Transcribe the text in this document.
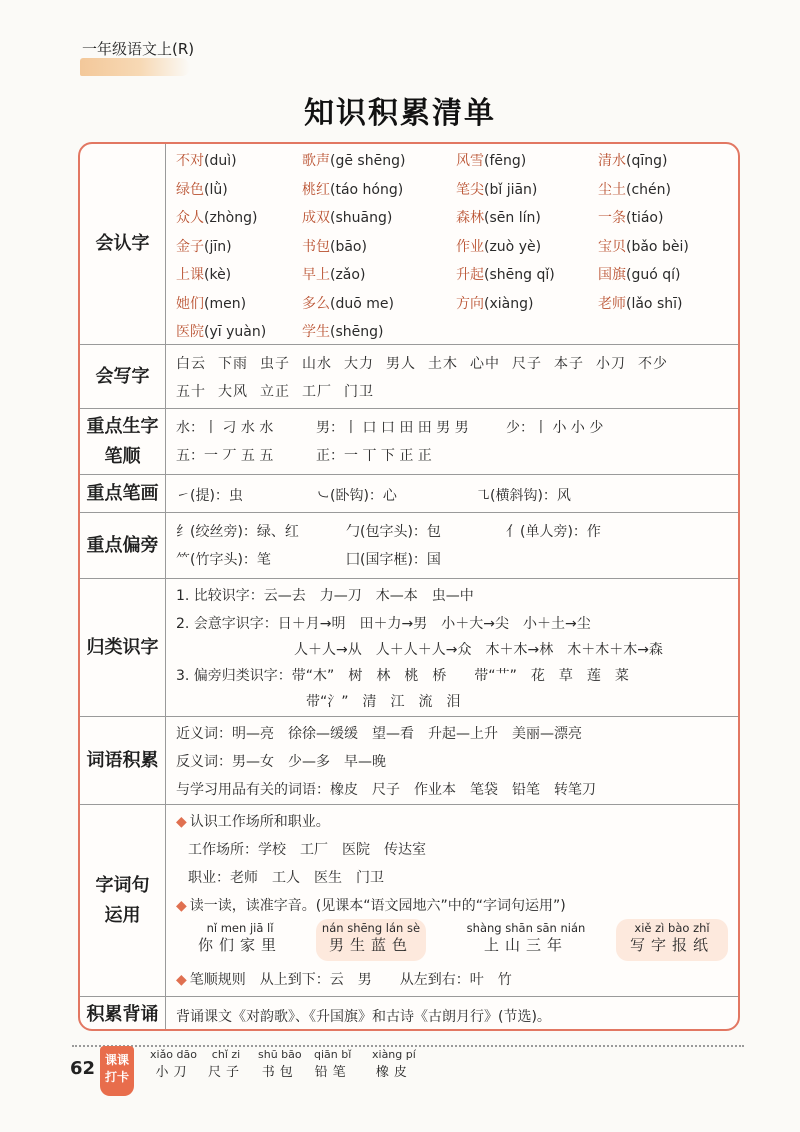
一年级语文上(R)
知识积累清单
会认字
不对(duì)	歌声(gē shēng)	风雪(fēng)	清水(qīng)
绿色(lǜ)	桃红(táo hóng)	笔尖(bǐ jiān)	尘土(chén)
众人(zhòng)	成双(shuāng)	森林(sēn lín)	一条(tiáo)
金子(jīn)	书包(bāo)	作业(zuò yè)	宝贝(bǎo bèi)
上课(kè)	早上(zǎo)	升起(shēng qǐ)	国旗(guó qí)
她们(men)	多么(duō me)	方向(xiàng)	老师(lǎo shī)
医院(yī yuàn)	学生(shēng)
会写字
白云 下雨 虫子 山水 大力 男人 土木 心中 尺子 本子 小刀 不少
五十 大风 立正 工厂 门卫
重点生字
笔顺
水：丨 刁 水 水	男：丨 口 口 田 田 男 男	少：丨 小 小 少
五：一 丆 五 五	正：一 丅 下 正 正
重点笔画	㇀(提)：虫	㇃(卧钩)：心	㇈(横斜钩)：风
重点偏旁
纟(绞丝旁)：绿、红	勹(包字头)：包	亻(单人旁)：作
⺮(竹字头)：笔	囗(国字框)：国
归类识字
1. 比较识字：云—去　力—刀　木—本　虫—中
2. 会意字识字：日＋月→明　田＋力→男　小＋大→尖　小＋土→尘
人＋人→从　人＋人＋人→众　木＋木→林　木＋木＋木→森
3. 偏旁归类识字：带“木”　树　林　桃　桥　　带“艹”　花　草　莲　菜
带“氵”　清　江　流　泪
词语积累
近义词：明—亮　徐徐—缓缓　望—看　升起—上升　美丽—漂亮
反义词：男—女　少—多　早—晚
与学习用品有关的词语：橡皮　尺子　作业本　笔袋　铅笔　转笔刀
字词句
运用
◆ 认识工作场所和职业。
工作场所：学校　工厂　医院　传达室
职业：老师　工人　医生　门卫
◆ 读一读，读准字音。(见课本“语文园地六”中的“字词句运用”)
nǐ men jiā lǐ
你们家里
nán shēng lán sè
男生蓝色
shàng shān sān nián
上山三年
xiě zì bào zhǐ
写字报纸
◆ 笔顺规则　从上到下：云　男　　从左到右：叶　竹
积累背诵	背诵课文《对韵歌》、《升国旗》和古诗《古朗月行》(节选)。
62 课课打卡
xiǎo dāo
小刀
chǐ zi
尺子
shū bāo
书包
qiān bǐ
铅笔
xiàng pí
橡皮
